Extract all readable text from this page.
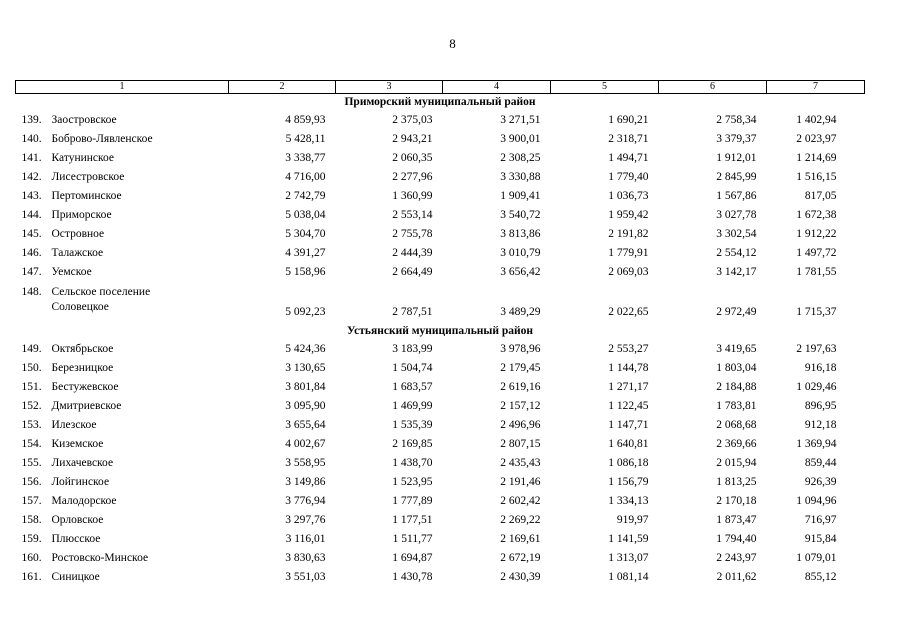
8
1	2	3	4	5	6	7
Приморский муниципальный район						
139. Заостровское	4 859,93	2 375,03	3 271,51	1 690,21	2 758,34	1 402,94
140. Боброво-Лявленское	5 428,11	2 943,21	3 900,01	2 318,71	3 379,37	2 023,97
141. Катунинское	3 338,77	2 060,35	2 308,25	1 494,71	1 912,01	1 214,69
142. Лисестровское	4 716,00	2 277,96	3 330,88	1 779,40	2 845,99	1 516,15
143. Пертоминское	2 742,79	1 360,99	1 909,41	1 036,73	1 567,86	817,05
144. Приморское	5 038,04	2 553,14	3 540,72	1 959,42	3 027,78	1 672,38
145. Островное	5 304,70	2 755,78	3 813,86	2 191,82	3 302,54	1 912,22
146. Талажское	4 391,27	2 444,39	3 010,79	1 779,91	2 554,12	1 497,72
147. Уемское	5 158,96	2 664,49	3 656,42	2 069,03	3 142,17	1 781,55
148. Сельское поселение
Соловецкое	5 092,23	2 787,51	3 489,29	2 022,65	2 972,49	1 715,37
Устьянский муниципальный район						
149. Октябрьское	5 424,36	3 183,99	3 978,96	2 553,27	3 419,65	2 197,63
150. Березницкое	3 130,65	1 504,74	2 179,45	1 144,78	1 803,04	916,18
151. Бестужевское	3 801,84	1 683,57	2 619,16	1 271,17	2 184,88	1 029,46
152. Дмитриевское	3 095,90	1 469,99	2 157,12	1 122,45	1 783,81	896,95
153. Илезское	3 655,64	1 535,39	2 496,96	1 147,71	2 068,68	912,18
154. Киземское	4 002,67	2 169,85	2 807,15	1 640,81	2 369,66	1 369,94
155. Лихачевское	3 558,95	1 438,70	2 435,43	1 086,18	2 015,94	859,44
156. Лойгинское	3 149,86	1 523,95	2 191,46	1 156,79	1 813,25	926,39
157. Малодорское	3 776,94	1 777,89	2 602,42	1 334,13	2 170,18	1 094,96
158. Орловское	3 297,76	1 177,51	2 269,22	919,97	1 873,47	716,97
159. Плюсское	3 116,01	1 511,77	2 169,61	1 141,59	1 794,40	915,84
160. Ростовско-Минское	3 830,63	1 694,87	2 672,19	1 313,07	2 243,97	1 079,01
161. Синицкое	3 551,03	1 430,78	2 430,39	1 081,14	2 011,62	855,12
